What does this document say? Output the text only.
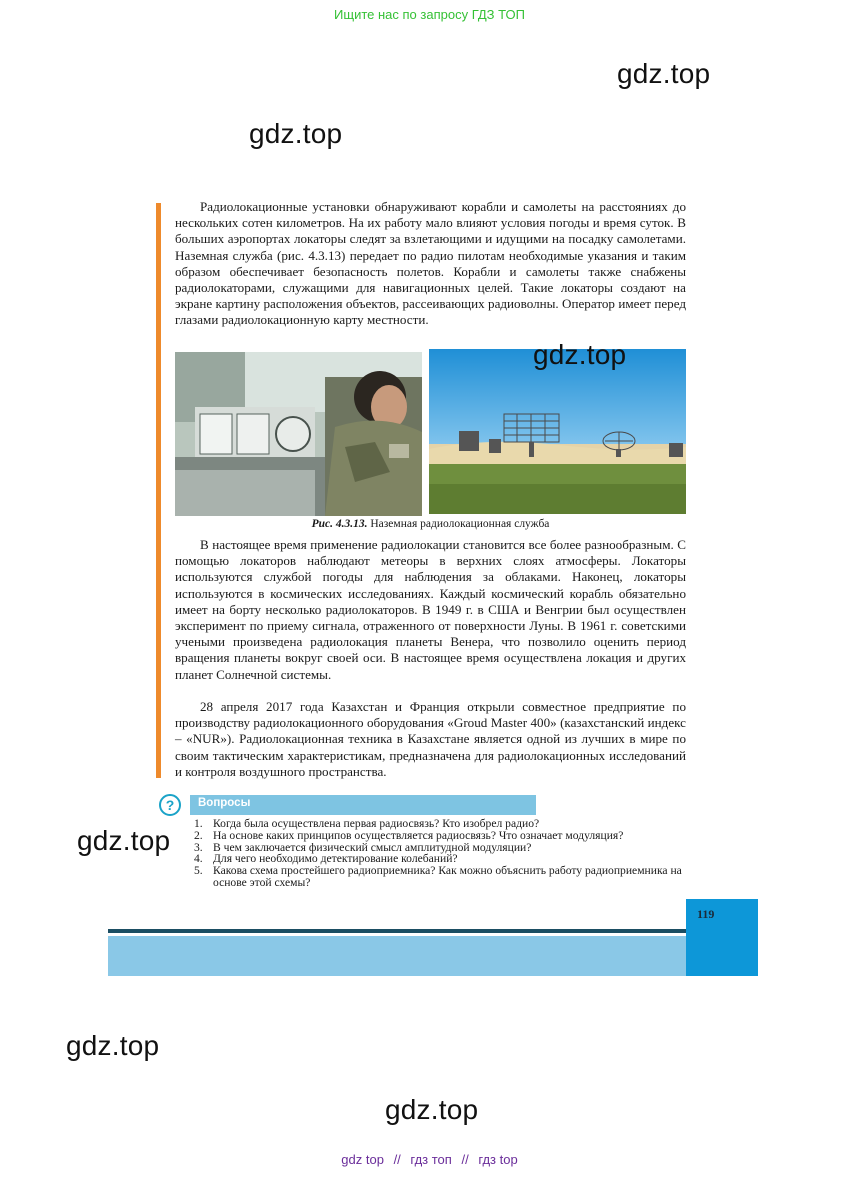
Ищите нас по запросу ГДЗ ТОП
gdz.top
gdz.top

Радиолокационные установки обнаруживают корабли и самолеты на расстояниях до нескольких сотен километров. На их работу мало влияют условия погоды и время суток. В больших аэропортах локаторы следят за взлетающими и идущими на посадку самолетами. Наземная служба (рис. 4.3.13) передает по радио пилотам необходимые указания и таким образом обеспечивает безопасность полетов. Корабли и самолеты также снабжены радиолокаторами, служащими для навигационных целей. Такие локаторы создают на экране картину расположения объектов, рассеивающих радиоволны. Оператор имеет перед глазами радиолокационную карту местности.

gdz.top
Рис. 4.3.13. Наземная радиолокационная служба

В настоящее время применение радиолокации становится все более разнообразным. С помощью локаторов наблюдают метеоры в верхних слоях атмосферы. Локаторы используются службой погоды для наблюдения за облаками. Наконец, локаторы используются в космических исследованиях. Каждый космический корабль обязательно имеет на борту несколько радиолокаторов. В 1949 г. в США и Венгрии был осуществлен эксперимент по приему сигнала, отраженного от поверхности Луны. В 1961 г. советскими учеными произведена радиолокация планеты Венера, что позволило оценить период вращения планеты вокруг своей оси. В настоящее время осуществлена локация и других планет Солнечной системы.

28 апреля 2017 года Казахстан и Франция открыли совместное предприятие по производству радиолокационного оборудования «Groud Master 400» (казахстанский индекс – «NUR»). Радиолокационная техника в Казахстане является одной из лучших в мире по своим тактическим характеристикам, предназначена для радиолокационных исследований и контроля воздушного пространства.

?	Вопросы
1. Когда была осуществлена первая радиосвязь? Кто изобрел радио?
2. На основе каких принципов осуществляется радиосвязь? Что означает модуляция?
3. В чем заключается физический смысл амплитудной модуляции?
4. Для чего необходимо детектирование колебаний?
5. Какова схема простейшего радиоприемника? Как можно объяснить работу радиоприемника на основе этой схемы?
gdz.top
119
gdz.top
gdz.top
gdz top // гдз топ // гдз top
